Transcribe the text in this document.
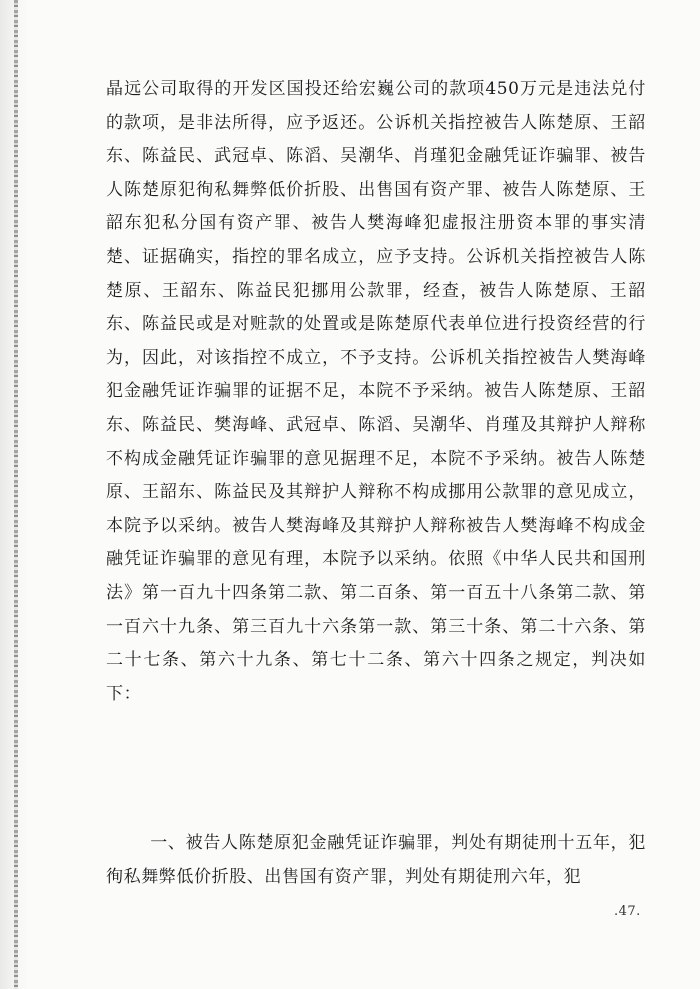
晶远公司取得的开发区国投还给宏巍公司的款项450万元是违法兑付的款项，是非法所得，应予返还。公诉机关指控被告人陈楚原、王韶东、陈益民、武冠卓、陈滔、吴潮华、肖瑾犯金融凭证诈骗罪、被告人陈楚原犯徇私舞弊低价折股、出售国有资产罪、被告人陈楚原、王韶东犯私分国有资产罪、被告人樊海峰犯虚报注册资本罪的事实清楚、证据确实，指控的罪名成立，应予支持。公诉机关指控被告人陈楚原、王韶东、陈益民犯挪用公款罪，经查，被告人陈楚原、王韶东、陈益民或是对赃款的处置或是陈楚原代表单位进行投资经营的行为，因此，对该指控不成立，不予支持。公诉机关指控被告人樊海峰犯金融凭证诈骗罪的证据不足，本院不予采纳。被告人陈楚原、王韶东、陈益民、樊海峰、武冠卓、陈滔、吴潮华、肖瑾及其辩护人辩称不构成金融凭证诈骗罪的意见据理不足，本院不予采纳。被告人陈楚原、王韶东、陈益民及其辩护人辩称不构成挪用公款罪的意见成立，本院予以采纳。被告人樊海峰及其辩护人辩称被告人樊海峰不构成金融凭证诈骗罪的意见有理，本院予以采纳。依照《中华人民共和国刑法》第一百九十四条第二款、第二百条、第一百五十八条第二款、第一百六十九条、第三百九十六条第一款、第三十条、第二十六条、第二十七条、第六十九条、第七十二条、第六十四条之规定，判决如下：

一、被告人陈楚原犯金融凭证诈骗罪，判处有期徒刑十五年，犯徇私舞弊低价折股、出售国有资产罪，判处有期徒刑六年，犯

.47.
